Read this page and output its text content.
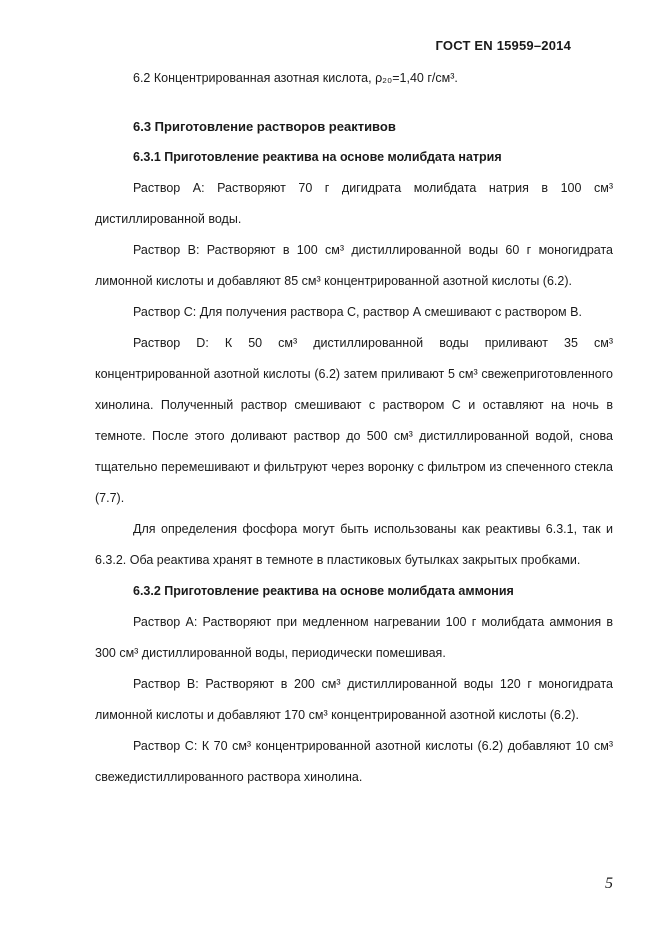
ГОСТ EN 15959–2014

6.2 Концентрированная азотная кислота, ρ₂₀=1,40 г/см³.

6.3 Приготовление растворов реактивов

6.3.1 Приготовление реактива на основе молибдата натрия

Раствор А: Растворяют 70 г дигидрата молибдата натрия в 100 см³ дистиллированной воды.

Раствор В: Растворяют в 100 см³ дистиллированной воды 60 г моногидрата лимонной кислоты и добавляют 85 см³ концентрированной азотной кислоты (6.2).

Раствор С: Для получения раствора С, раствор А смешивают с раствором В.

Раствор D: К 50 см³ дистиллированной воды приливают 35 см³ концентрированной азотной кислоты (6.2) затем приливают 5 см³ свежеприготовленного хинолина. Полученный раствор смешивают с раствором С и оставляют на ночь в темноте. После этого доливают раствор до 500 см³ дистиллированной водой, снова тщательно перемешивают и фильтруют через воронку с фильтром из спеченного стекла (7.7).

Для определения фосфора могут быть использованы как реактивы 6.3.1, так и 6.3.2. Оба реактива хранят в темноте в пластиковых бутылках закрытых пробками.

6.3.2 Приготовление реактива на основе молибдата аммония

Раствор А: Растворяют при медленном нагревании 100 г молибдата аммония в 300 см³ дистиллированной воды, периодически помешивая.

Раствор В: Растворяют в 200 см³ дистиллированной воды 120 г моногидрата лимонной кислоты и добавляют 170 см³ концентрированной азотной кислоты (6.2).

Раствор С: К 70 см³ концентрированной азотной кислоты (6.2) добавляют 10 см³ свежедистиллированного раствора хинолина.

5
